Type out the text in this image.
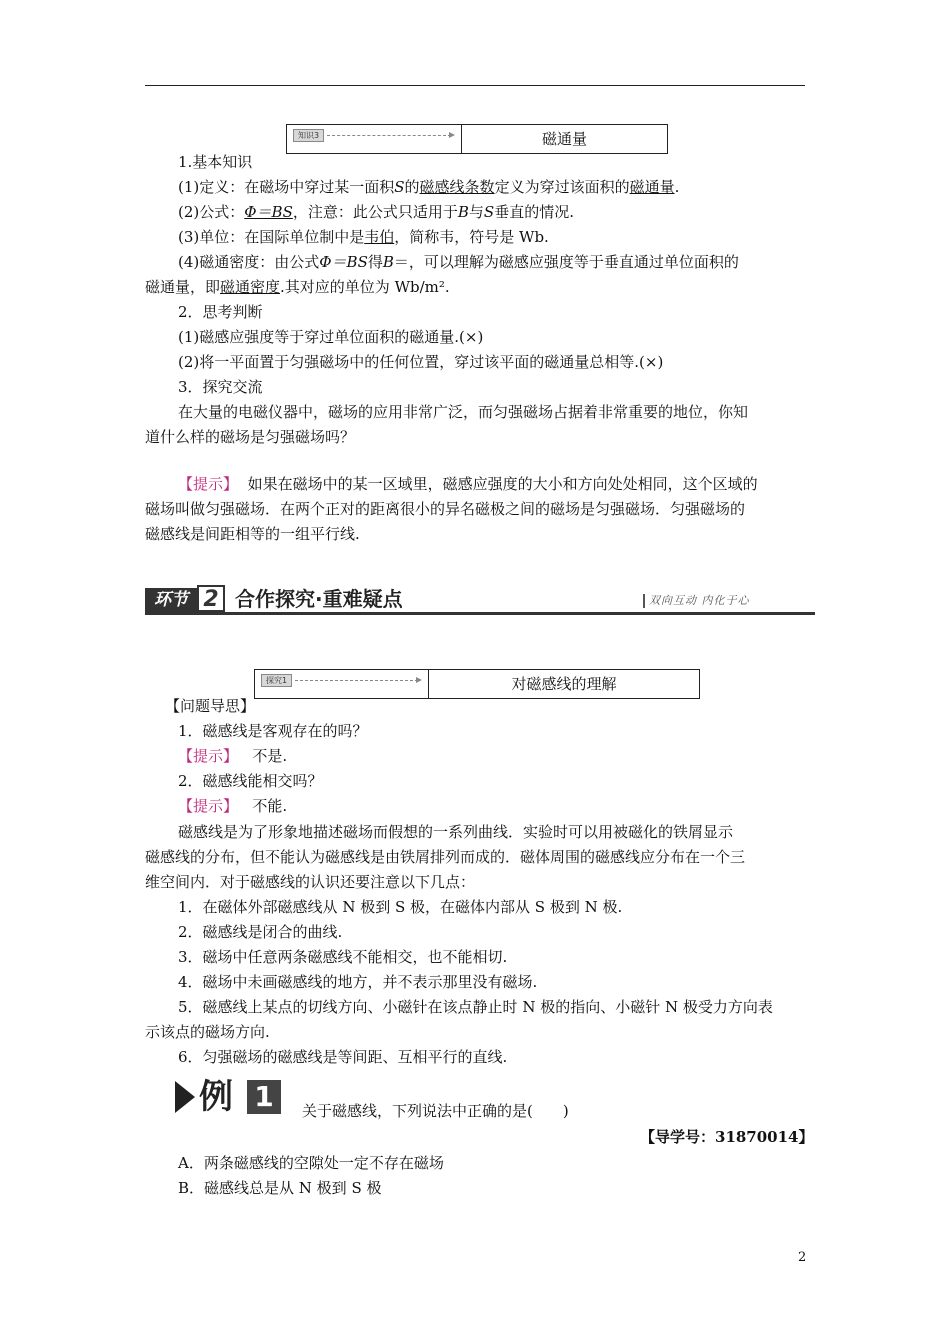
知识3	磁通量
1.基本知识
(1)定义：在磁场中穿过某一面积S的磁感线条数定义为穿过该面积的磁通量.
(2)公式：Φ＝BS，注意：此公式只适用于B与S垂直的情况.
(3)单位：在国际单位制中是韦伯，简称韦，符号是 Wb.
(4)磁通密度：由公式Φ＝BS得B＝，可以理解为磁感应强度等于垂直通过单位面积的
磁通量，即磁通密度.其对应的单位为 Wb/m².
2．思考判断
(1)磁感应强度等于穿过单位面积的磁通量.(×)
(2)将一平面置于匀强磁场中的任何位置，穿过该平面的磁通量总相等.(×)
3．探究交流
在大量的电磁仪器中，磁场的应用非常广泛，而匀强磁场占据着非常重要的地位，你知
道什么样的磁场是匀强磁场吗？
【提示】 如果在磁场中的某一区域里，磁感应强度的大小和方向处处相同，这个区域的
磁场叫做匀强磁场．在两个正对的距离很小的异名磁极之间的磁场是匀强磁场．匀强磁场的
磁感线是间距相等的一组平行线.
环节 2 合作探究·重难疑点	双向互动 内化于心
探究1	对磁感线的理解
【问题导思】
1．磁感线是客观存在的吗？
【提示】 不是.
2．磁感线能相交吗？
【提示】 不能.
磁感线是为了形象地描述磁场而假想的一系列曲线．实验时可以用被磁化的铁屑显示
磁感线的分布，但不能认为磁感线是由铁屑排列而成的．磁体周围的磁感线应分布在一个三
维空间内．对于磁感线的认识还要注意以下几点：
1．在磁体外部磁感线从 N 极到 S 极，在磁体内部从 S 极到 N 极.
2．磁感线是闭合的曲线.
3．磁场中任意两条磁感线不能相交，也不能相切.
4．磁场中未画磁感线的地方，并不表示那里没有磁场.
5．磁感线上某点的切线方向、小磁针在该点静止时 N 极的指向、小磁针 N 极受力方向表
示该点的磁场方向.
6．匀强磁场的磁感线是等间距、互相平行的直线.
例 1	关于磁感线，下列说法中正确的是(　　)
【导学号：31870014】
A．两条磁感线的空隙处一定不存在磁场
B．磁感线总是从 N 极到 S 极
2
